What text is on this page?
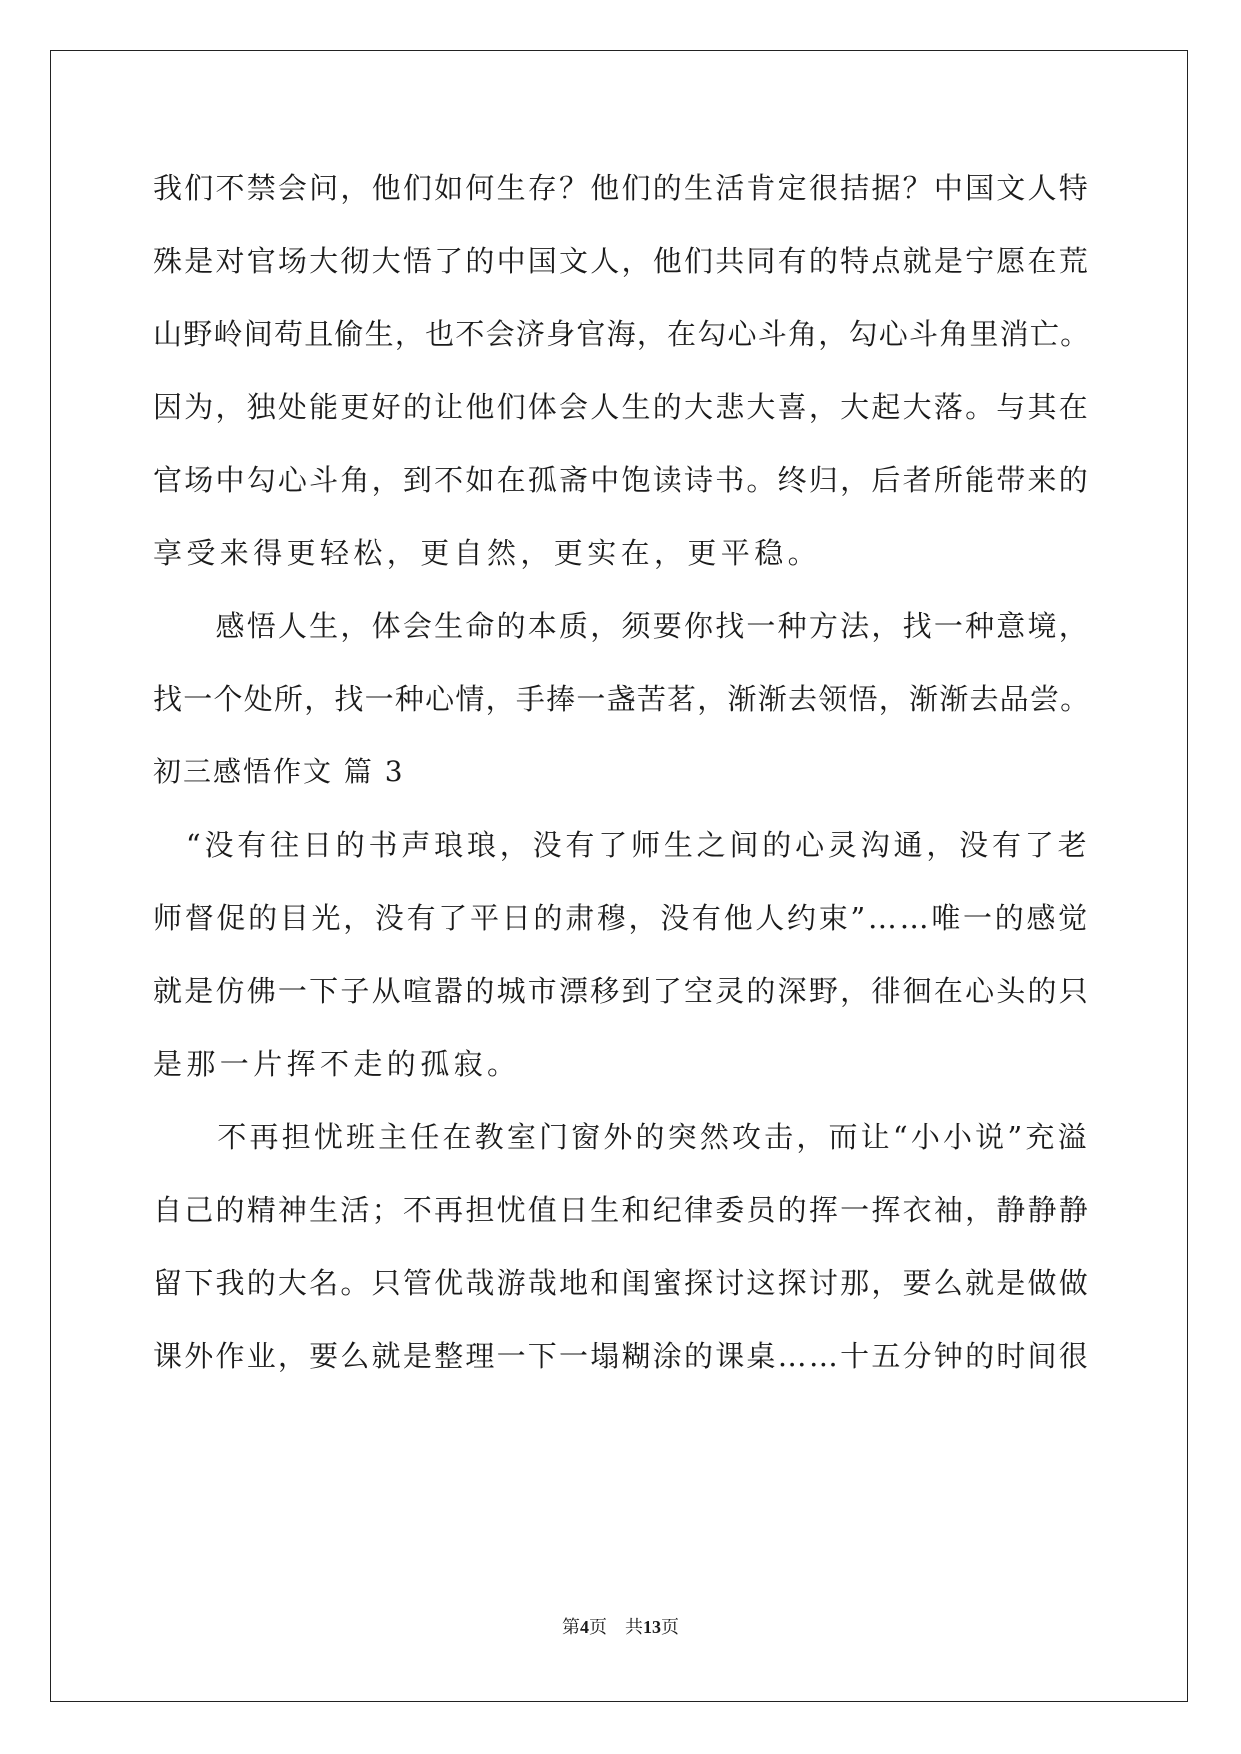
我们不禁会问，他们如何生存？他们的生活肯定很拮据？中国文人特

殊是对官场大彻大悟了的中国文人，他们共同有的特点就是宁愿在荒

山野岭间苟且偷生，也不会济身官海，在勾心斗角，勾心斗角里消亡。

因为，独处能更好的让他们体会人生的大悲大喜，大起大落。与其在

官场中勾心斗角，到不如在孤斋中饱读诗书。终归，后者所能带来的

享受来得更轻松，更自然，更实在，更平稳。

　　感悟人生，体会生命的本质，须要你找一种方法，找一种意境，

找一个处所，找一种心情，手捧一盏苦茗，渐渐去领悟，渐渐去品尝。

初三感悟作文 篇 3

　“没有往日的书声琅琅，没有了师生之间的心灵沟通，没有了老

师督促的目光，没有了平日的肃穆，没有他人约束”……唯一的感觉

就是仿佛一下子从喧嚣的城市漂移到了空灵的深野，徘徊在心头的只

是那一片挥不走的孤寂。

　　不再担忧班主任在教室门窗外的突然攻击，而让“小小说”充溢

自己的精神生活；不再担忧值日生和纪律委员的挥一挥衣袖，静静静

留下我的大名。只管优哉游哉地和闺蜜探讨这探讨那，要么就是做做

课外作业，要么就是整理一下一塌糊涂的课桌……十五分钟的时间很

第4页　共13页
